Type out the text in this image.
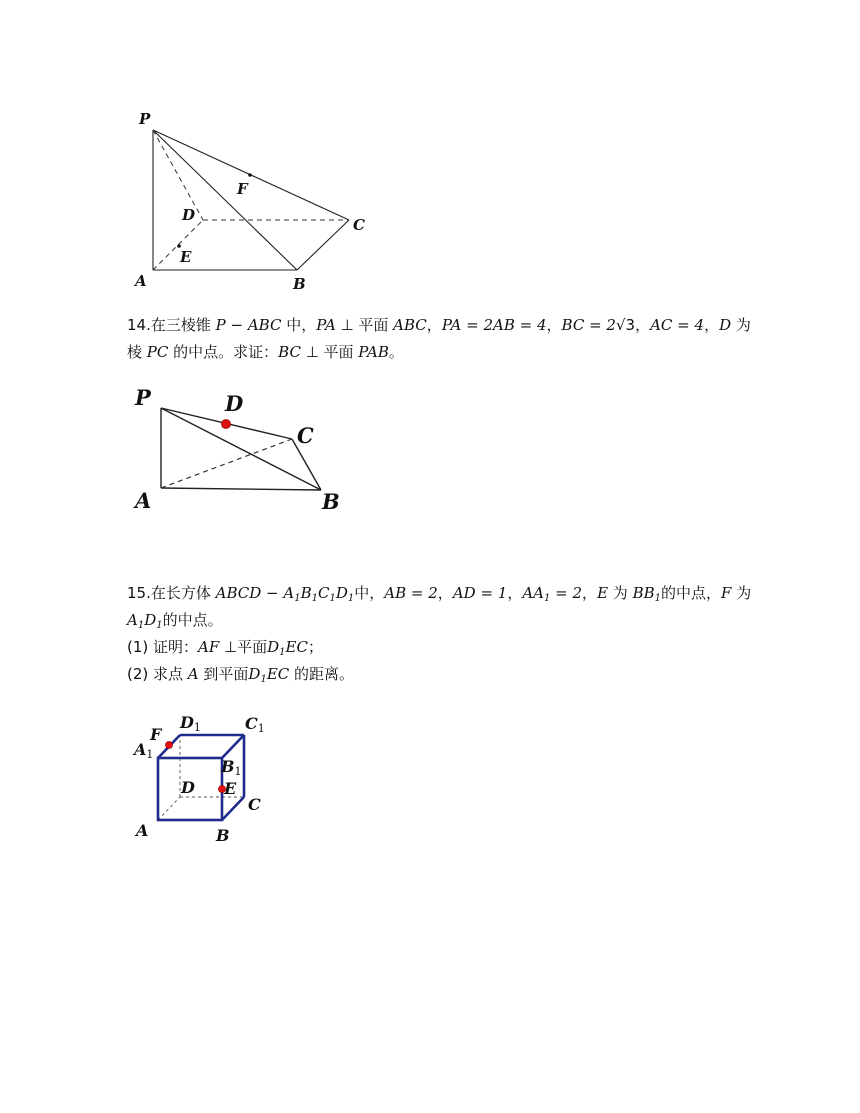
P
F
D
C
E
A	B
14.在三棱锥 P − ABC 中，PA ⊥ 平面 ABC，PA = 2AB = 4，BC = 2√3，AC = 4，D 为
棱 PC 的中点。求证：BC ⊥ 平面 PAB。
P	D
C
A	B
15.在长方体 ABCD − $A_1B_1C_1D_1$中，AB = 2，AD = 1，$AA_1 = 2$，E 为 $BB_1$的中点，F 为
$A_1D_1$的中点。
(1) 证明：AF ⊥平面$D_1EC$；
(2) 求点 A 到平面$D_1EC$ 的距离。
F
D1	C1
A1
B1
D E
C
A	B
